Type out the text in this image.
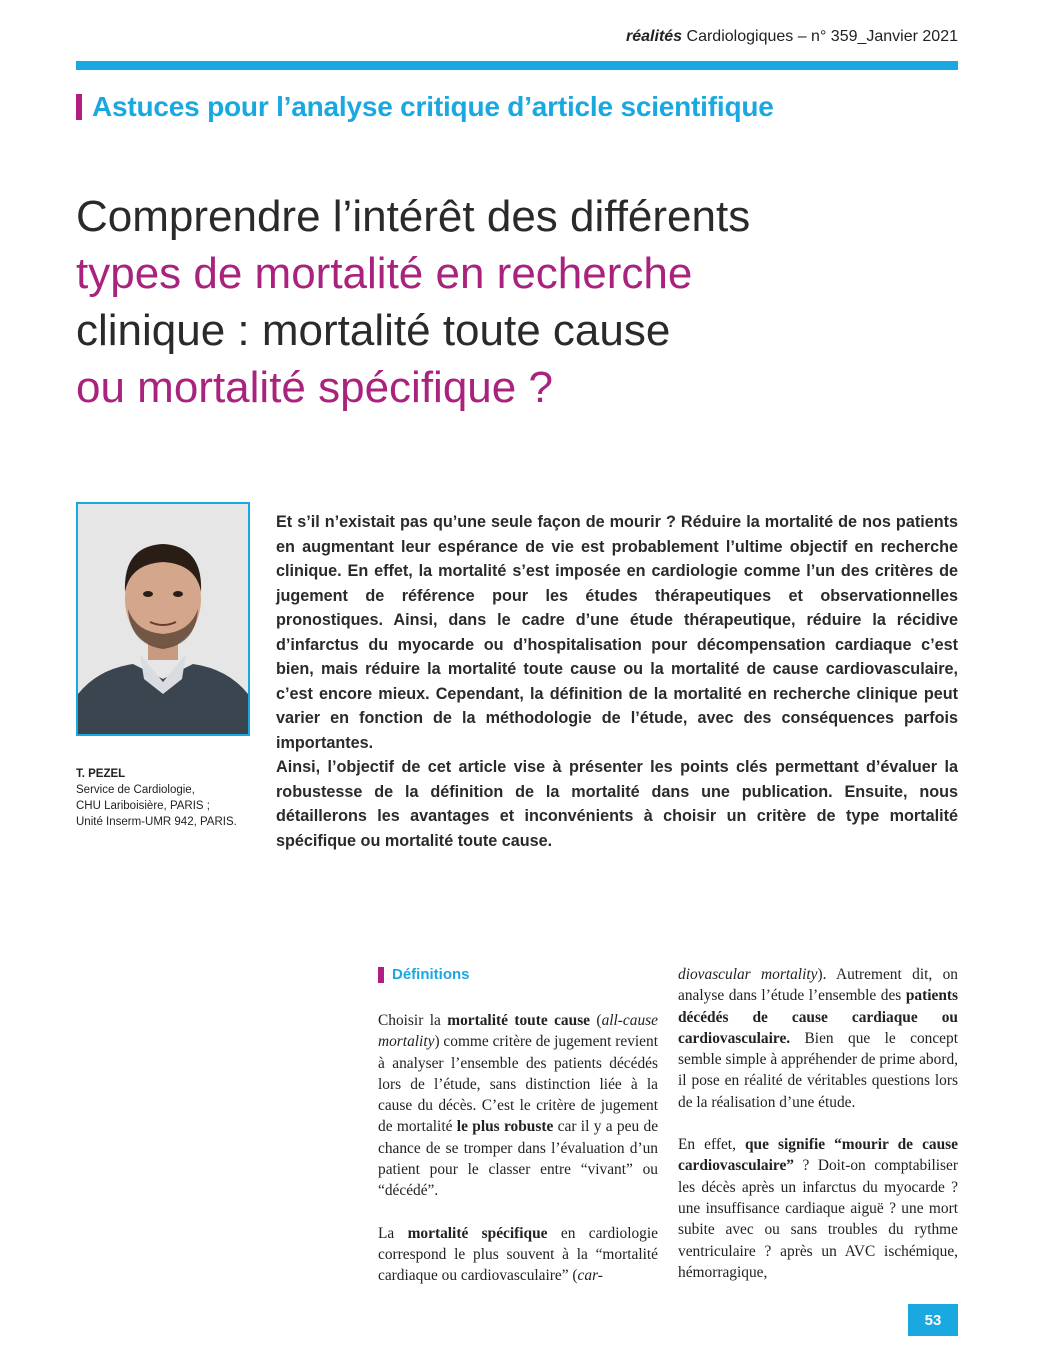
réalités Cardiologiques – n° 359_Janvier 2021
Astuces pour l’analyse critique d’article scientifique
Comprendre l’intérêt des différents
types de mortalité en recherche
clinique : mortalité toute cause
ou mortalité spécifique ?
T. PEZEL
Service de Cardiologie,
CHU Lariboisière, PARIS ;
Unité Inserm-UMR 942, PARIS.

Et s’il n’existait pas qu’une seule façon de mourir ? Réduire la mortalité de nos patients en augmentant leur espérance de vie est probablement l’ultime objectif en recherche clinique. En effet, la mortalité s’est imposée en cardiologie comme l’un des critères de jugement de référence pour les études thérapeutiques et observationnelles pronostiques. Ainsi, dans le cadre d’une étude thérapeutique, réduire la récidive d’infarctus du myocarde ou d’hospitalisation pour décompensation cardiaque c’est bien, mais réduire la mortalité toute cause ou la mortalité de cause cardiovasculaire, c’est encore mieux. Cependant, la définition de la mortalité en recherche clinique peut varier en fonction de la méthodologie de l’étude, avec des conséquences parfois importantes.

Ainsi, l’objectif de cet article vise à présenter les points clés permettant d’évaluer la robustesse de la définition de la mortalité dans une publication. Ensuite, nous détaillerons les avantages et inconvénients à choisir un critère de type mortalité spécifique ou mortalité toute cause.

Définitions

Choisir la mortalité toute cause (all-cause mortality) comme critère de jugement revient à analyser l’ensemble des patients décédés lors de l’étude, sans distinction liée à la cause du décès. C’est le critère de jugement de mortalité le plus robuste car il y a peu de chance de se tromper dans l’évaluation d’un patient pour le classer entre “vivant” ou “décédé”.

La mortalité spécifique en cardiologie correspond le plus souvent à la “mortalité cardiaque ou cardiovasculaire” (car-

diovascular mortality). Autrement dit, on analyse dans l’étude l’ensemble des patients décédés de cause cardiaque ou cardiovasculaire. Bien que le concept semble simple à appréhender de prime abord, il pose en réalité de véritables questions lors de la réalisation d’une étude.

En effet, que signifie “mourir de cause cardiovasculaire” ? Doit-on comptabiliser les décès après un infarctus du myocarde ? une insuffisance cardiaque aiguë ? une mort subite avec ou sans troubles du rythme ventriculaire ? après un AVC ischémique, hémorragique,

53
